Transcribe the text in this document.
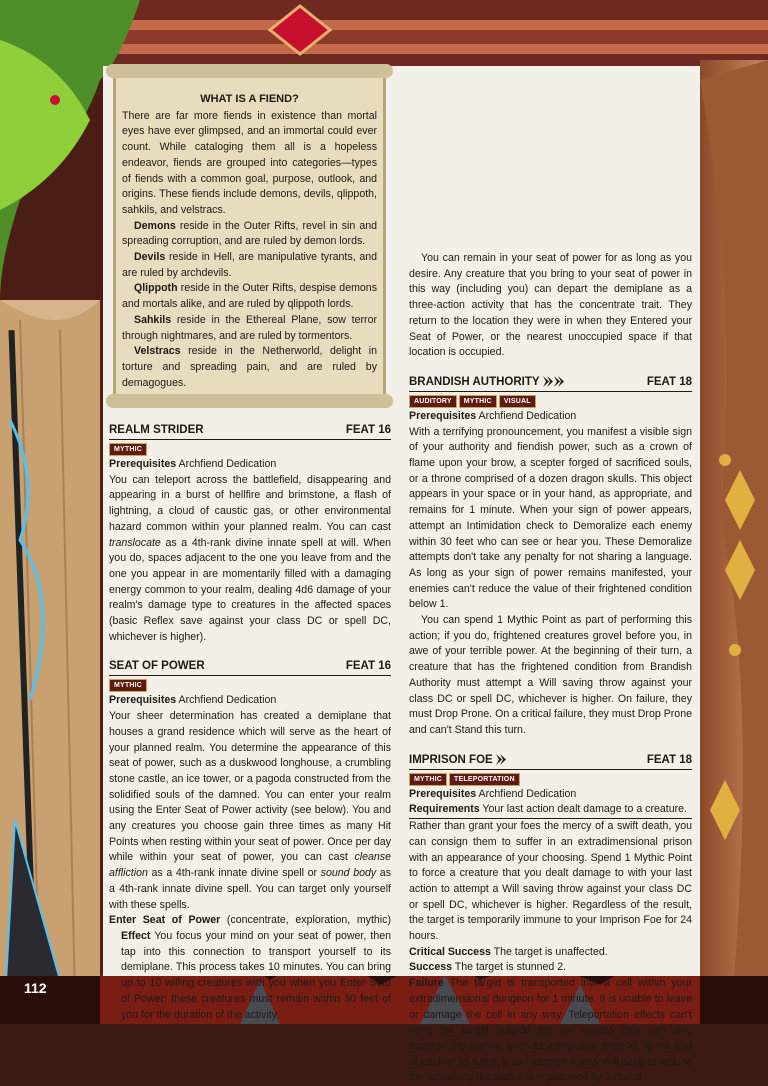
WHAT IS A FIEND?

There are far more fiends in existence than mortal eyes have ever glimpsed, and an immortal could ever count. While cataloging them all is a hopeless endeavor, fiends are grouped into categories—types of fiends with a common goal, purpose, outlook, and origins. These fiends include demons, devils, qlippoth, sahkils, and velstracs.

Demons reside in the Outer Rifts, revel in sin and spreading corruption, and are ruled by demon lords.

Devils reside in Hell, are manipulative tyrants, and are ruled by archdevils.

Qlippoth reside in the Outer Rifts, despise demons and mortals alike, and are ruled by qlippoth lords.

Sahkils reside in the Ethereal Plane, sow terror through nightmares, and are ruled by tormentors.

Velstracs reside in the Netherworld, delight in torture and spreading pain, and are ruled by demagogues.

REALM STRIDER	FEAT 16
MYTHIC

Prerequisites Archfiend Dedication

You can teleport across the battlefield, disappearing and appearing in a burst of hellfire and brimstone, a flash of lightning, a cloud of caustic gas, or other environmental hazard common within your planned realm. You can cast translocate as a 4th-rank divine innate spell at will. When you do, spaces adjacent to the one you leave from and the one you appear in are momentarily filled with a damaging energy common to your realm, dealing 4d6 damage of your realm's damage type to creatures in the affected spaces (basic Reflex save against your class DC or spell DC, whichever is higher).

SEAT OF POWER	FEAT 16
MYTHIC

Prerequisites Archfiend Dedication

Your sheer determination has created a demiplane that houses a grand residence which will serve as the heart of your planned realm. You determine the appearance of this seat of power, such as a duskwood longhouse, a crumbling stone castle, an ice tower, or a pagoda constructed from the solidified souls of the damned. You can enter your realm using the Enter Seat of Power activity (see below). You and any creatures you choose gain three times as many Hit Points when resting within your seat of power. Once per day while within your seat of power, you can cast cleanse affliction as a 4th-rank innate divine spell or sound body as a 4th-rank innate divine spell. You can target only yourself with these spells.

Enter Seat of Power (concentrate, exploration, mythic) Effect You focus your mind on your seat of power, then tap into this connection to transport yourself to its demiplane. This process takes 10 minutes. You can bring up to 10 willing creatures with you when you Enter Seat of Power; these creatures must remain within 30 feet of you for the duration of the activity.

You can remain in your seat of power for as long as you desire. Any creature that you bring to your seat of power in this way (including you) can depart the demiplane as a three-action activity that has the concentrate trait. They return to the location they were in when they Entered your Seat of Power, or the nearest unoccupied space if that location is occupied.

BRANDISH AUTHORITY	FEAT 18
AUDITORY	MYTHIC	VISUAL

Prerequisites Archfiend Dedication

With a terrifying pronouncement, you manifest a visible sign of your authority and fiendish power, such as a crown of flame upon your brow, a scepter forged of sacrificed souls, or a throne comprised of a dozen dragon skulls. This object appears in your space or in your hand, as appropriate, and remains for 1 minute. When your sign of power appears, attempt an Intimidation check to Demoralize each enemy within 30 feet who can see or hear you. These Demoralize attempts don't take any penalty for not sharing a language. As long as your sign of power remains manifested, your enemies can't reduce the value of their frightened condition below 1.

You can spend 1 Mythic Point as part of performing this action; if you do, frightened creatures grovel before you, in awe of your terrible power. At the beginning of their turn, a creature that has the frightened condition from Brandish Authority must attempt a Will saving throw against your class DC or spell DC, whichever is higher. On failure, they must Drop Prone. On a critical failure, they must Drop Prone and can't Stand this turn.

IMPRISON FOE	FEAT 18
MYTHIC	TELEPORTATION

Prerequisites Archfiend Dedication

Requirements Your last action dealt damage to a creature.

Rather than grant your foes the mercy of a swift death, you can consign them to suffer in an extradimensional prison with an appearance of your choosing. Spend 1 Mythic Point to force a creature that you dealt damage to with your last action to attempt a Will saving throw against your class DC or spell DC, whichever is higher. Regardless of the result, the target is temporarily immune to your Imprison Foe for 24 hours.

Critical Success The target is unaffected.

Success The target is stunned 2.

Failure The target is transported into a cell within your extradimensional dungeon for 1 minute. It is unable to leave or damage the cell in any way. Teleportation effects can't carry the target outside the cell unless they can also traverse the planes, such as interplanar teleport. At the end of each of its turns, it can attempt a new Will save to reduce the remaining duration it is imprisoned by 1 round

112
